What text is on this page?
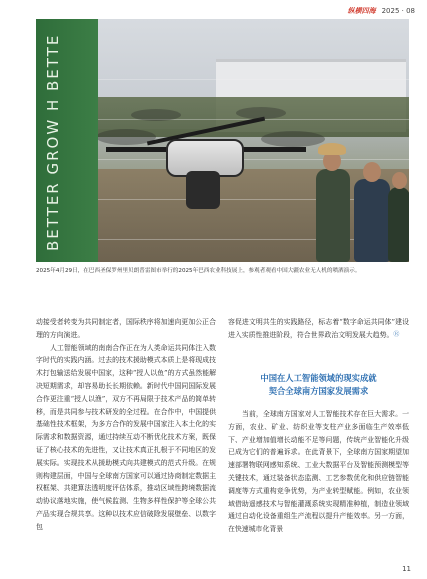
纵横四海 2025 · 08
BETTER GROW H BETTE
2025年4月29日，在巴西圣保罗州里贝朗普雷图市举行的2025年巴西农业科技展上，参观者观看中国大疆农业无人机的喷洒演示。

动接受者转变为共同制定者，国际秩序将加速向更加公正合理的方向演进。

人工智能领域的南南合作正在为人类命运共同体注入数字时代的实践内涵。过去的技术援助模式本质上是将现成技术打包输送给发展中国家，这种“授人以鱼”的方式虽然能解决短期需求，却容易助长长期依赖。新时代中国同国际发展合作更注重“授人以渔”，双方不再局限于技术产品的简单转移，而是共同参与技术研发的全过程。在合作中，中国提供基础性技术框架，为多方合作的发展中国家注入本土化的实际需求和数据资源，通过持续互动不断优化技术方案，既保证了核心技术的先进性，又让技术真正扎根于不同地区的发展实际。实现技术从援助模式向共建模式的范式升级。在规则构建层面，中国与全球南方国家可以通过协商制定数据主权框架、共建算法透明度评估体系，推动区域性跨境数据流动协议落地实施，使气候监测、生物多样性保护等全球公共产品实现合规共享。这种以技术应信破除发展壁垒、以数字包

容促进文明共生的实践路径，标志着“数字命运共同体”建设进入实质性推进阶段，符合世界政治文明发展大趋势。Ⓡ

中国在人工智能领域的现实成就
契合全球南方国家发展需求

当前，全球南方国家对人工智能技术存在巨大需求。一方面，农业、矿业、纺织业等支柱产业多面临生产效率低下、产业增加值增长动能不足等问题，传统产业智能化升级已成为它们的普遍诉求。在此背景下，全球南方国家期望加速部署物联网感知系统、工业大数据平台及智能预测模型等关键技术，通过装备状态监测、工艺参数优化和供应链智能调度等方式重构竞争优势，为产业转型赋能。例如，农业领域借助遥感技术与智能灌溉系统实现精准种植，制造业领域通过自动化设备重组生产流程以提升产能效率。另一方面，在快速城市化背景

11
